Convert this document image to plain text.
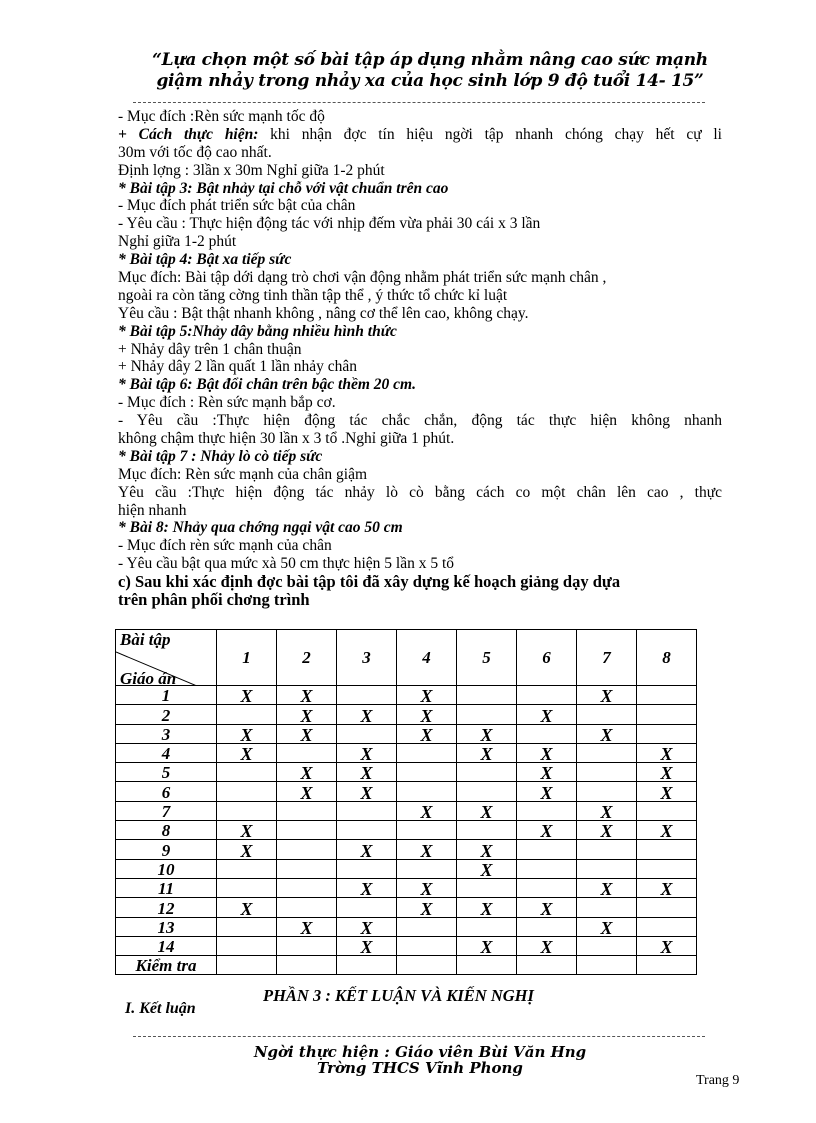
“Lựa chọn một số bài tập áp dụng nhằm nâng cao sức mạnh
giậm nhảy trong nhảy xa của học sinh lớp 9 độ tuổi 14- 15”
- Mục đích :Rèn sức mạnh tốc độ
+ Cách thực hiện: khi nhận đợc tín hiệu ngời tập nhanh chóng chạy hết cự li
30m với tốc độ cao nhất.
Định lợng : 3lần x 30m Nghỉ giữa 1-2 phút
* Bài tập 3: Bật nhảy tại chỗ với vật chuẩn trên cao
- Mục đích phát triển sức bật của chân
- Yêu cầu : Thực hiện động tác với nhịp đếm vừa phải 30 cái x 3 lần
Nghỉ giữa 1-2 phút
* Bài tập 4: Bật xa tiếp sức
Mục đích: Bài tập dới dạng trò chơi vận động nhằm phát triển sức mạnh chân ,
ngoài ra còn tăng cờng tinh thần tập thể , ý thức tổ chức kỉ luật
Yêu cầu : Bật thật nhanh không , nâng cơ thể lên cao, không chạy.
* Bài tập 5:Nhảy dây bằng nhiều hình thức
+ Nhảy dây trên 1 chân thuận
+ Nhảy dây 2 lần quất 1 lần nhảy chân
* Bài tập 6: Bật đổi chân trên bậc thềm 20 cm.
- Mục đích : Rèn sức mạnh bắp cơ.
- Yêu cầu :Thực hiện động tác chắc chắn, động tác thực hiện không nhanh
không chậm thực hiện 30 lần x 3 tổ .Nghỉ giữa 1 phút.
* Bài tập 7 : Nhảy lò cò tiếp sức
Mục đích: Rèn sức mạnh của chân giậm
Yêu cầu :Thực hiện động tác nhảy lò cò bằng cách co một chân lên cao , thực
hiện nhanh
* Bài 8: Nhảy qua chớng ngại vật cao 50 cm
- Mục đích rèn sức mạnh của chân
- Yêu cầu bật qua mức xà 50 cm thực hiện 5 lần x 5 tổ
c) Sau khi xác định đợc bài tập tôi đã xây dựng kế hoạch giảng dạy dựa
trên phân phối chơng trình
Bài tập
Giáo án	1	2	3	4	5	6	7	8
1	X	X		X			X	
2		X	X	X		X		
3	X	X		X	X		X	
4	X		X		X	X		X
5		X	X			X		X
6		X	X			X		X
7				X	X		X	
8	X					X	X	X
9	X		X	X	X			
10					X			
11			X	X			X	X
12	X			X	X	X		
13		X	X				X	
14			X		X	X		X
Kiểm tra								
PHẦN 3 : KẾT LUẬN VÀ KIẾN NGHỊ
I. Kết luận
Ngời thực hiện : Giáo viên Bùi Văn Hng
Trờng THCS Vĩnh Phong
Trang 9
